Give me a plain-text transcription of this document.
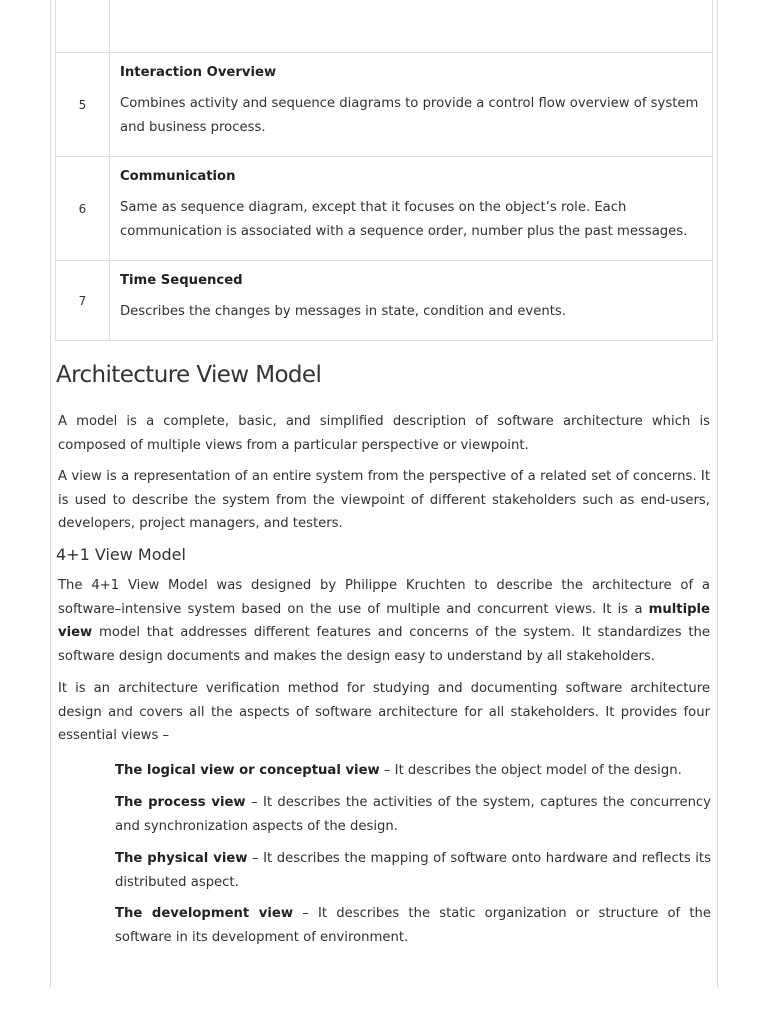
5	Interaction Overview

Combines activity and sequence diagrams to provide a control flow overview of system and business process.

6	Communication

Same as sequence diagram, except that it focuses on the object’s role. Each communication is associated with a sequence order, number plus the past messages.

7	Time Sequenced

Describes the changes by messages in state, condition and events.

Architecture View Model

A model is a complete, basic, and simplified description of software architecture which is composed of multiple views from a particular perspective or viewpoint.

A view is a representation of an entire system from the perspective of a related set of concerns. It is used to describe the system from the viewpoint of different stakeholders such as end-users, developers, project managers, and testers.

4+1 View Model

The 4+1 View Model was designed by Philippe Kruchten to describe the architecture of a software–intensive system based on the use of multiple and concurrent views. It is a multiple view model that addresses different features and concerns of the system. It standardizes the software design documents and makes the design easy to understand by all stakeholders.

It is an architecture verification method for studying and documenting software architecture design and covers all the aspects of software architecture for all stakeholders. It provides four essential views –

The logical view or conceptual view – It describes the object model of the design.

The process view – It describes the activities of the system, captures the concurrency and synchronization aspects of the design.

The physical view – It describes the mapping of software onto hardware and reflects its distributed aspect.

The development view – It describes the static organization or structure of the software in its development of environment.
